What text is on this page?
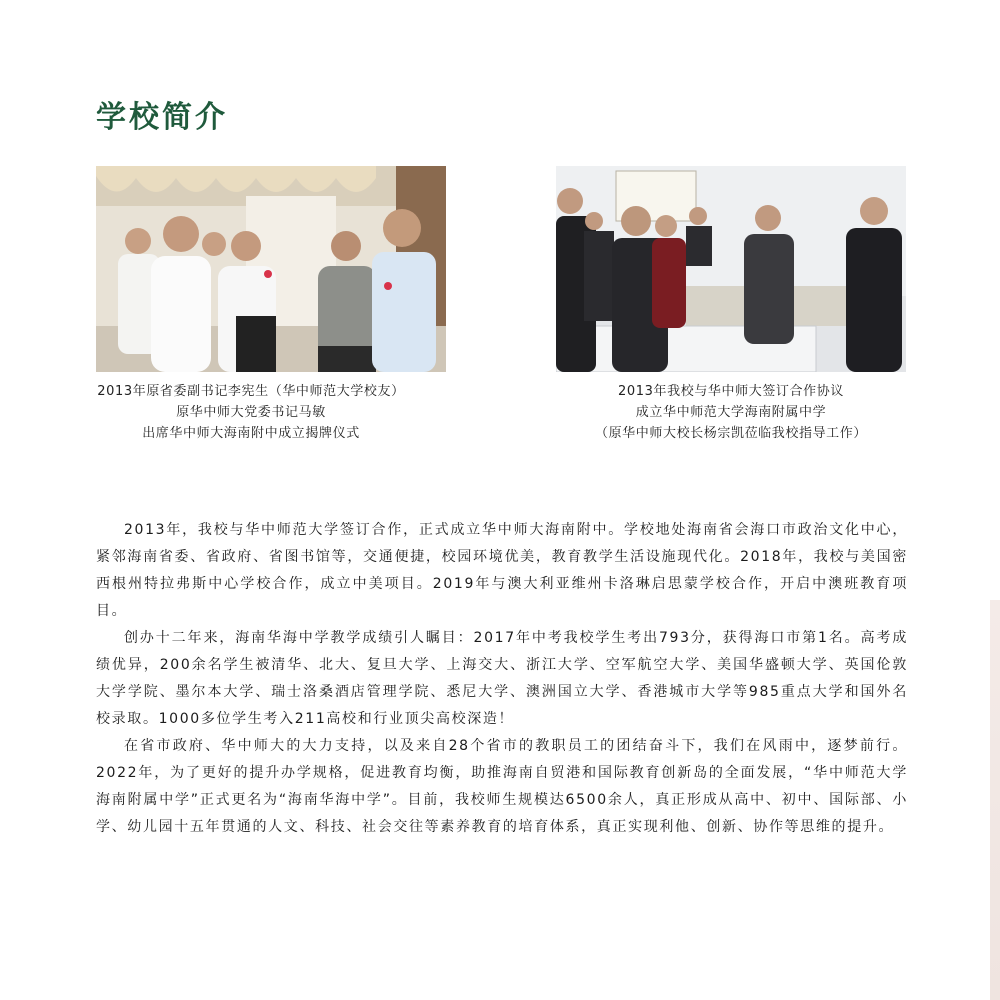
学校简介
2013年原省委副书记李宪生（华中师范大学校友）
原华中师大党委书记马敏
出席华中师大海南附中成立揭牌仪式
2013年我校与华中师大签订合作协议
成立华中师范大学海南附属中学
（原华中师大校长杨宗凯莅临我校指导工作）

2013年，我校与华中师范大学签订合作，正式成立华中师大海南附中。学校地处海南省会海口市政治文化中心，紧邻海南省委、省政府、省图书馆等，交通便捷，校园环境优美，教育教学生活设施现代化。2018年，我校与美国密西根州特拉弗斯中心学校合作，成立中美项目。2019年与澳大利亚维州卡洛琳启思蒙学校合作，开启中澳班教育项目。

创办十二年来，海南华海中学教学成绩引人瞩目：2017年中考我校学生考出793分，获得海口市第1名。高考成绩优异，200余名学生被清华、北大、复旦大学、上海交大、浙江大学、空军航空大学、美国华盛顿大学、英国伦敦大学学院、墨尔本大学、瑞士洛桑酒店管理学院、悉尼大学、澳洲国立大学、香港城市大学等985重点大学和国外名校录取。1000多位学生考入211高校和行业顶尖高校深造！

在省市政府、华中师大的大力支持，以及来自28个省市的教职员工的团结奋斗下，我们在风雨中，逐梦前行。2022年，为了更好的提升办学规格，促进教育均衡，助推海南自贸港和国际教育创新岛的全面发展，“华中师范大学海南附属中学”正式更名为“海南华海中学”。目前，我校师生规模达6500余人，真正形成从高中、初中、国际部、小学、幼儿园十五年贯通的人文、科技、社会交往等素养教育的培育体系，真正实现利他、创新、协作等思维的提升。
